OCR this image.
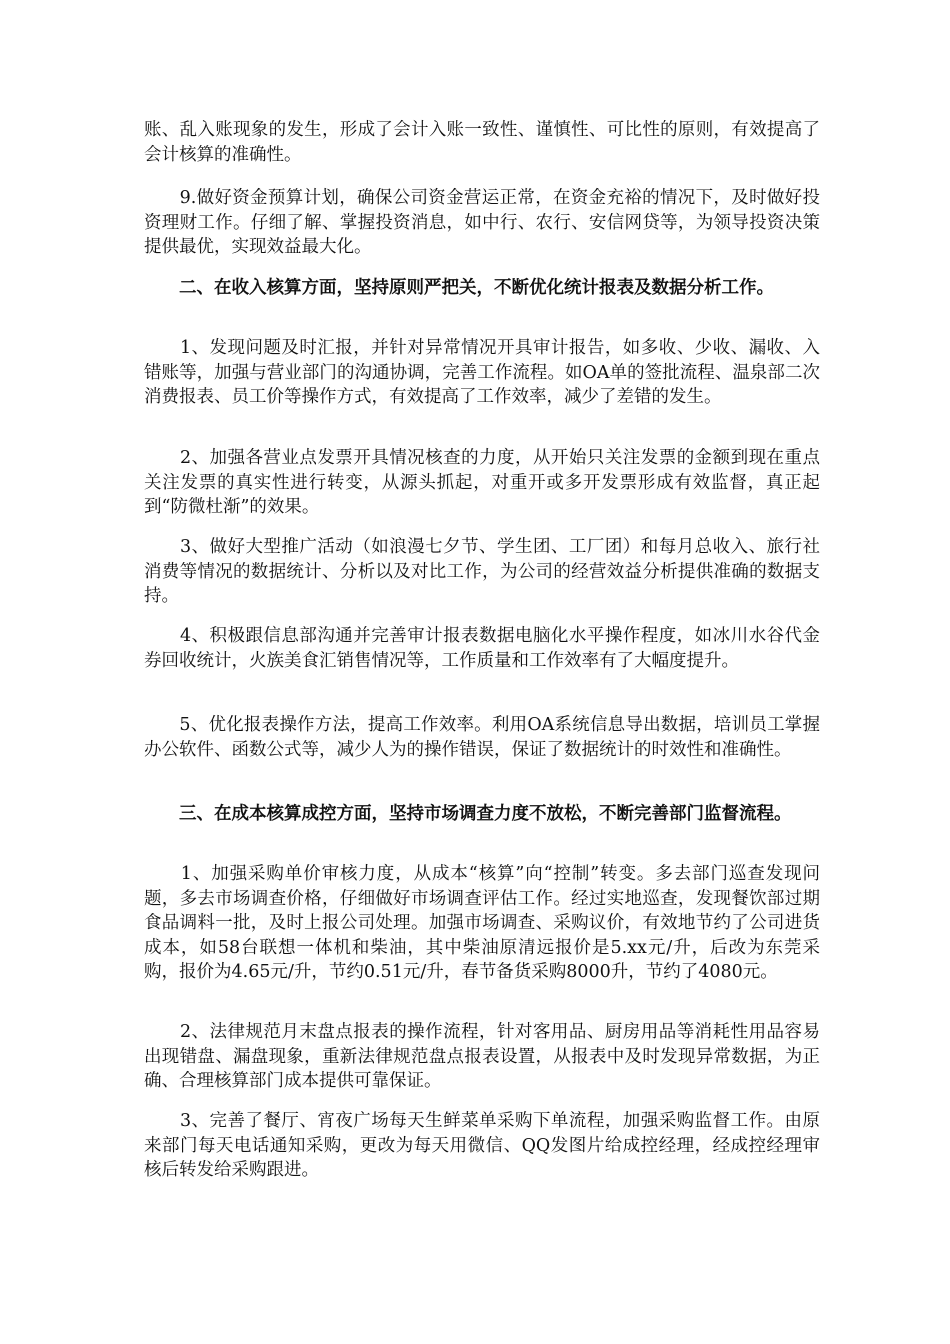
账、乱入账现象的发生，形成了会计入账一致性、谨慎性、可比性的原则，有效提高了会计核算的准确性。

　　9.做好资金预算计划，确保公司资金营运正常，在资金充裕的情况下，及时做好投资理财工作。仔细了解、掌握投资消息，如中行、农行、安信网贷等，为领导投资决策提供最优，实现效益最大化。

　　二、在收入核算方面，坚持原则严把关，不断优化统计报表及数据分析工作。

　　1、发现问题及时汇报，并针对异常情况开具审计报告，如多收、少收、漏收、入错账等，加强与营业部门的沟通协调，完善工作流程。如OA单的签批流程、温泉部二次消费报表、员工价等操作方式，有效提高了工作效率，减少了差错的发生。

　　2、加强各营业点发票开具情况核查的力度，从开始只关注发票的金额到现在重点关注发票的真实性进行转变，从源头抓起，对重开或多开发票形成有效监督，真正起到“防微杜渐”的效果。

　　3、做好大型推广活动（如浪漫七夕节、学生团、工厂团）和每月总收入、旅行社消费等情况的数据统计、分析以及对比工作，为公司的经营效益分析提供准确的数据支持。

　　4、积极跟信息部沟通并完善审计报表数据电脑化水平操作程度，如冰川水谷代金券回收统计，火族美食汇销售情况等，工作质量和工作效率有了大幅度提升。

　　5、优化报表操作方法，提高工作效率。利用OA系统信息导出数据，培训员工掌握办公软件、函数公式等，减少人为的操作错误，保证了数据统计的时效性和准确性。

　　三、在成本核算成控方面，坚持市场调查力度不放松，不断完善部门监督流程。

　　1、加强采购单价审核力度，从成本“核算”向“控制”转变。多去部门巡查发现问题，多去市场调查价格，仔细做好市场调查评估工作。经过实地巡查，发现餐饮部过期食品调料一批，及时上报公司处理。加强市场调查、采购议价，有效地节约了公司进货成本，如58台联想一体机和柴油，其中柴油原清远报价是5.xx元/升，后改为东莞采购，报价为4.65元/升，节约0.51元/升，春节备货采购8000升，节约了4080元。

　　2、法律规范月末盘点报表的操作流程，针对客用品、厨房用品等消耗性用品容易出现错盘、漏盘现象，重新法律规范盘点报表设置，从报表中及时发现异常数据，为正确、合理核算部门成本提供可靠保证。

　　3、完善了餐厅、宵夜广场每天生鲜菜单采购下单流程，加强采购监督工作。由原来部门每天电话通知采购，更改为每天用微信、QQ发图片给成控经理，经成控经理审核后转发给采购跟进。
